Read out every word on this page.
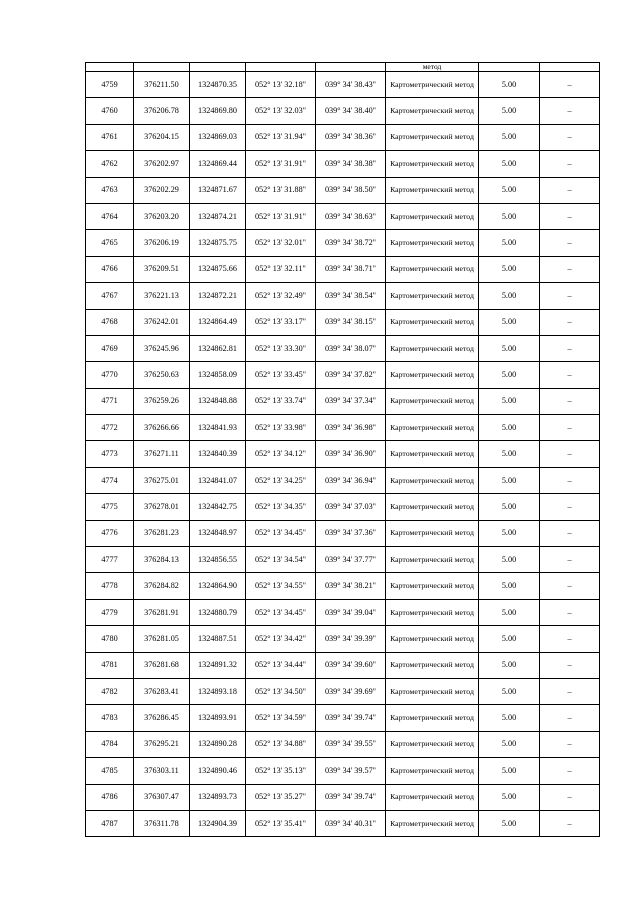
					метод		
4759	376211.50	1324870.35	052° 13' 32.18"	039° 34' 38.43"	Картометрический метод	5.00	–
4760	376206.78	1324869.80	052° 13' 32.03"	039° 34' 38.40"	Картометрический метод	5.00	–
4761	376204.15	1324869.03	052° 13' 31.94"	039° 34' 38.36"	Картометрический метод	5.00	–
4762	376202.97	1324869.44	052° 13' 31.91"	039° 34' 38.38"	Картометрический метод	5.00	–
4763	376202.29	1324871.67	052° 13' 31.88"	039° 34' 38.50"	Картометрический метод	5.00	–
4764	376203.20	1324874.21	052° 13' 31.91"	039° 34' 38.63"	Картометрический метод	5.00	–
4765	376206.19	1324875.75	052° 13' 32.01"	039° 34' 38.72"	Картометрический метод	5.00	–
4766	376209.51	1324875.66	052° 13' 32.11"	039° 34' 38.71"	Картометрический метод	5.00	–
4767	376221.13	1324872.21	052° 13' 32.49"	039° 34' 38.54"	Картометрический метод	5.00	–
4768	376242.01	1324864.49	052° 13' 33.17"	039° 34' 38.15"	Картометрический метод	5.00	–
4769	376245.96	1324862.81	052° 13' 33.30"	039° 34' 38.07"	Картометрический метод	5.00	–
4770	376250.63	1324858.09	052° 13' 33.45"	039° 34' 37.82"	Картометрический метод	5.00	–
4771	376259.26	1324848.88	052° 13' 33.74"	039° 34' 37.34"	Картометрический метод	5.00	–
4772	376266.66	1324841.93	052° 13' 33.98"	039° 34' 36.98"	Картометрический метод	5.00	–
4773	376271.11	1324840.39	052° 13' 34.12"	039° 34' 36.90"	Картометрический метод	5.00	–
4774	376275.01	1324841.07	052° 13' 34.25"	039° 34' 36.94"	Картометрический метод	5.00	–
4775	376278.01	1324842.75	052° 13' 34.35"	039° 34' 37.03"	Картометрический метод	5.00	–
4776	376281.23	1324848.97	052° 13' 34.45"	039° 34' 37.36"	Картометрический метод	5.00	–
4777	376284.13	1324856.55	052° 13' 34.54"	039° 34' 37.77"	Картометрический метод	5.00	–
4778	376284.82	1324864.90	052° 13' 34.55"	039° 34' 38.21"	Картометрический метод	5.00	–
4779	376281.91	1324880.79	052° 13' 34.45"	039° 34' 39.04"	Картометрический метод	5.00	–
4780	376281.05	1324887.51	052° 13' 34.42"	039° 34' 39.39"	Картометрический метод	5.00	–
4781	376281.68	1324891.32	052° 13' 34.44"	039° 34' 39.60"	Картометрический метод	5.00	–
4782	376283.41	1324893.18	052° 13' 34.50"	039° 34' 39.69"	Картометрический метод	5.00	–
4783	376286.45	1324893.91	052° 13' 34.59"	039° 34' 39.74"	Картометрический метод	5.00	–
4784	376295.21	1324890.28	052° 13' 34.88"	039° 34' 39.55"	Картометрический метод	5.00	–
4785	376303.11	1324890.46	052° 13' 35.13"	039° 34' 39.57"	Картометрический метод	5.00	–
4786	376307.47	1324893.73	052° 13' 35.27"	039° 34' 39.74"	Картометрический метод	5.00	–
4787	376311.78	1324904.39	052° 13' 35.41"	039° 34' 40.31"	Картометрический метод	5.00	–
